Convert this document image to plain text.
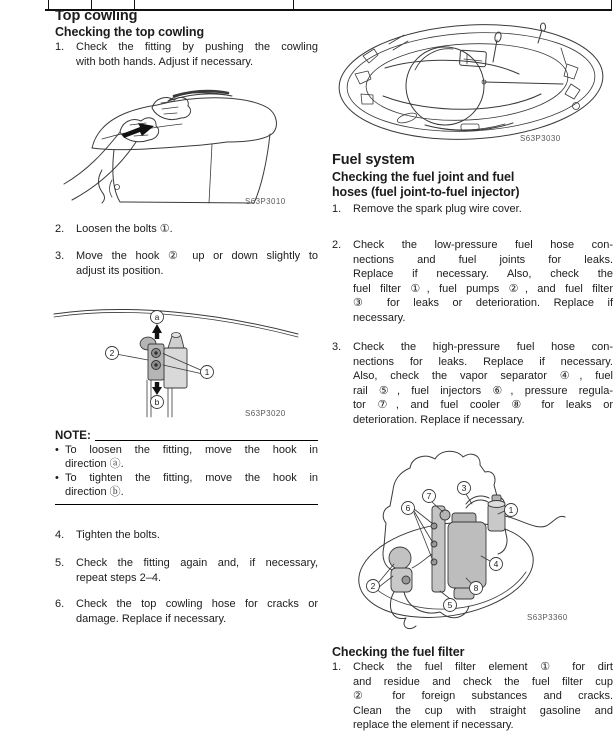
Top cowling
Checking the top cowling
1.	Check the fitting by pushing the cowling
with both hands. Adjust if necessary.
S63P3010
2.	Loosen the bolts ①.
3.	Move the hook ② up or down slightly to
adjust its position.
a
2
1
b
S63P3020
NOTE:
• To loosen the fitting, move the hook in
direction ⓐ.
• To tighten the fitting, move the hook in
direction ⓑ.
4.	Tighten the bolts.
5.	Check the fitting again and, if necessary,
repeat steps 2–4.
6.	Check the top cowling hose for cracks or
damage. Replace if necessary.
S63P3030
Fuel system
Checking the fuel joint and fuel
hoses (fuel joint-to-fuel injector)
1.	Remove the spark plug wire cover.
2.	Check the low-pressure fuel hose con-
nections and fuel joints for leaks.
Replace if necessary. Also, check the
fuel filter ①, fuel pumps ②, and fuel filter
③ for leaks or deterioration. Replace if
necessary.
3.	Check the high-pressure fuel hose con-
nections for leaks. Replace if necessary.
Also, check the vapor separator ④, fuel
rail ⑤, fuel injectors ⑥, pressure regula-
tor ⑦, and fuel cooler ⑧ for leaks or
deterioration. Replace if necessary.
6
7
3
1
4
2	8
5
S63P3360
Checking the fuel filter
1.	Check the fuel filter element ① for dirt
and residue and check the fuel filter cup
② for foreign substances and cracks.
Clean the cup with straight gasoline and
replace the element if necessary.
